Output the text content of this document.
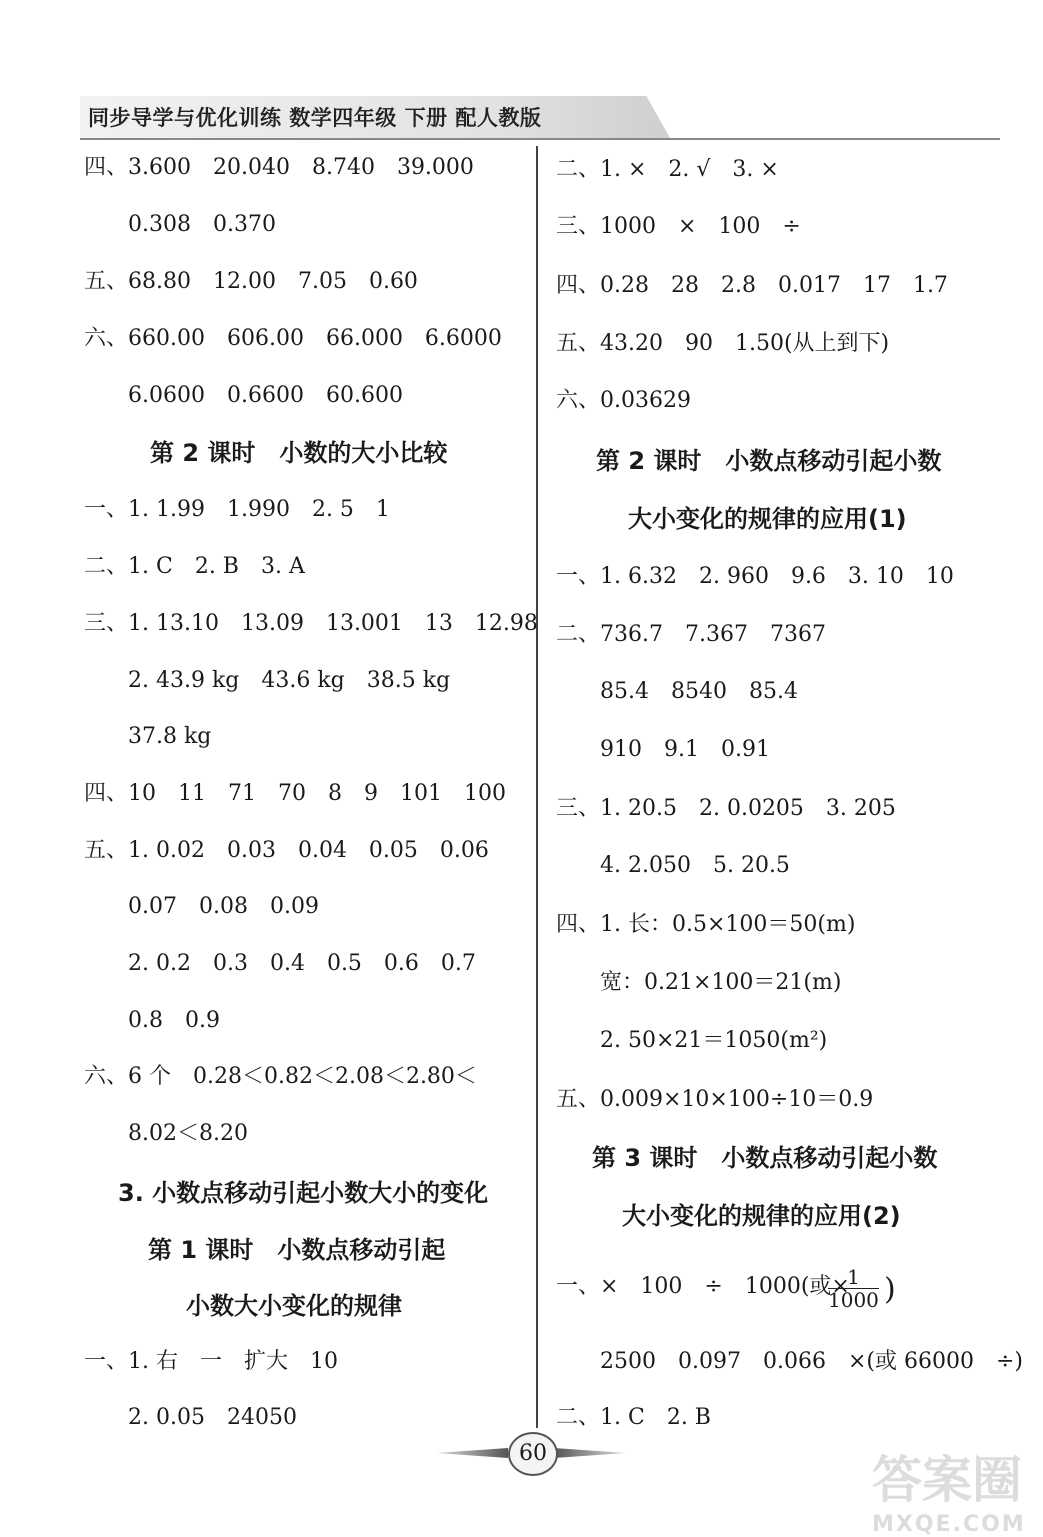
同步导学与优化训练 数学四年级 下册 配人教版
四、3.600　20.040　8.740　39.000
　　0.308　0.370
五、68.80　12.00　7.05　0.60
六、660.00　606.00　66.000　6.6000
　　6.0600　0.6600　60.600
第 2 课时　小数的大小比较
一、1. 1.99　1.990　2. 5　1
二、1. C　2. B　3. A
三、1. 13.10　13.09　13.001　13　12.98
　　2. 43.9 kg　43.6 kg　38.5 kg
　　37.8 kg
四、10　11　71　70　8　9　101　100
五、1. 0.02　0.03　0.04　0.05　0.06
　　0.07　0.08　0.09
　　2. 0.2　0.3　0.4　0.5　0.6　0.7
　　0.8　0.9
六、6 个　0.28＜0.82＜2.08＜2.80＜
　　8.02＜8.20
3. 小数点移动引起小数大小的变化
第 1 课时　小数点移动引起
小数大小变化的规律
一、1. 右　一　扩大　10
　　2. 0.05　24050
二、1. ×　2. √　3. ×
三、1000　×　100　÷
四、0.28　28　2.8　0.017　17　1.7
五、43.20　90　1.50(从上到下)
六、0.03629
第 2 课时　小数点移动引起小数
大小变化的规律的应用(1)
一、1. 6.32　2. 960　9.6　3. 10　10
二、736.7　7.367　7367
　　85.4　8540　85.4
　　910　9.1　0.91
三、1. 20.5　2. 0.0205　3. 205
　　4. 2.050　5. 20.5
四、1. 长：0.5×100＝50(m)
　　宽：0.21×100＝21(m)
　　2. 50×21＝1050(m²)
五、0.009×10×100÷10＝0.9
第 3 课时　小数点移动引起小数
大小变化的规律的应用(2)
一、×　100　÷　1000(或×
$\frac{1}{1000}$ )
　　2500　0.097　0.066　×(或 66000　÷)
二、1. C　2. B
60	答案圈
MXQE.COM
